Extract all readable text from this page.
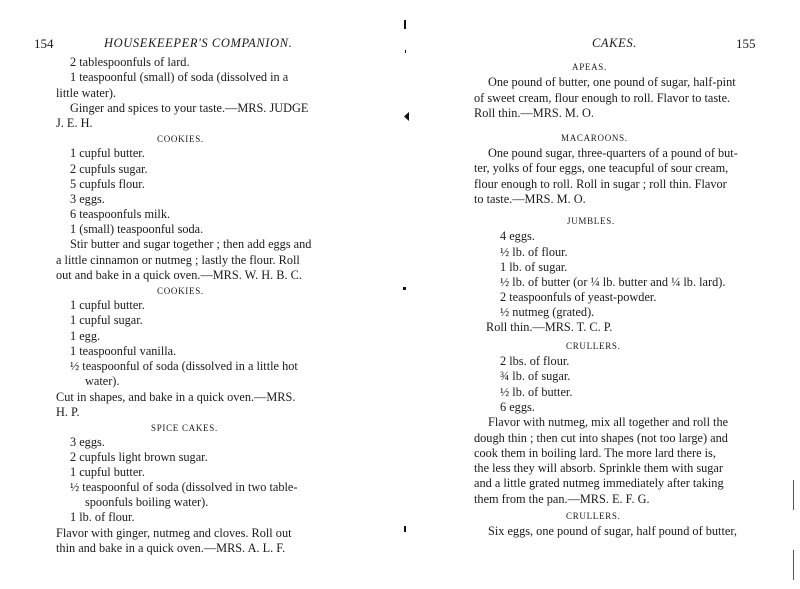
154	HOUSEKEEPER'S COMPANION.
2 tablespoonfuls of lard.
1 teaspoonful (small) of soda (dissolved in a
little water).
Ginger and spices to your taste.—MRS. JUDGE
J. E. H.
COOKIES.
1 cupful butter.
2 cupfuls sugar.
5 cupfuls flour.
3 eggs.
6 teaspoonfuls milk.
1 (small) teaspoonful soda.
Stir butter and sugar together ; then add eggs and
a little cinnamon or nutmeg ; lastly the flour. Roll
out and bake in a quick oven.—MRS. W. H. B. C.
COOKIES.
1 cupful butter.
1 cupful sugar.
1 egg.
1 teaspoonful vanilla.
½ teaspoonful of soda (dissolved in a little hot
water).
Cut in shapes, and bake in a quick oven.—MRS.
H. P.
SPICE CAKES.
3 eggs.
2 cupfuls light brown sugar.
1 cupful butter.
½ teaspoonful of soda (dissolved in two table-
spoonfuls boiling water).
1 lb. of flour.
Flavor with ginger, nutmeg and cloves. Roll out
thin and bake in a quick oven.—MRS. A. L. F.
CAKES.	155
APEAS.
One pound of butter, one pound of sugar, half-pint
of sweet cream, flour enough to roll. Flavor to taste.
Roll thin.—MRS. M. O.
MACAROONS.
One pound sugar, three-quarters of a pound of but-
ter, yolks of four eggs, one teacupful of sour cream,
flour enough to roll. Roll in sugar ; roll thin. Flavor
to taste.—MRS. M. O.
JUMBLES.
4 eggs.
½ lb. of flour.
1 lb. of sugar.
½ lb. of butter (or ¼ lb. butter and ¼ lb. lard).
2 teaspoonfuls of yeast-powder.
½ nutmeg (grated).
Roll thin.—MRS. T. C. P.
CRULLERS.
2 lbs. of flour.
¾ lb. of sugar.
½ lb. of butter.
6 eggs.
Flavor with nutmeg, mix all together and roll the
dough thin ; then cut into shapes (not too large) and
cook them in boiling lard. The more lard there is,
the less they will absorb. Sprinkle them with sugar
and a little grated nutmeg immediately after taking
them from the pan.—MRS. E. F. G.
CRULLERS.
Six eggs, one pound of sugar, half pound of butter,
